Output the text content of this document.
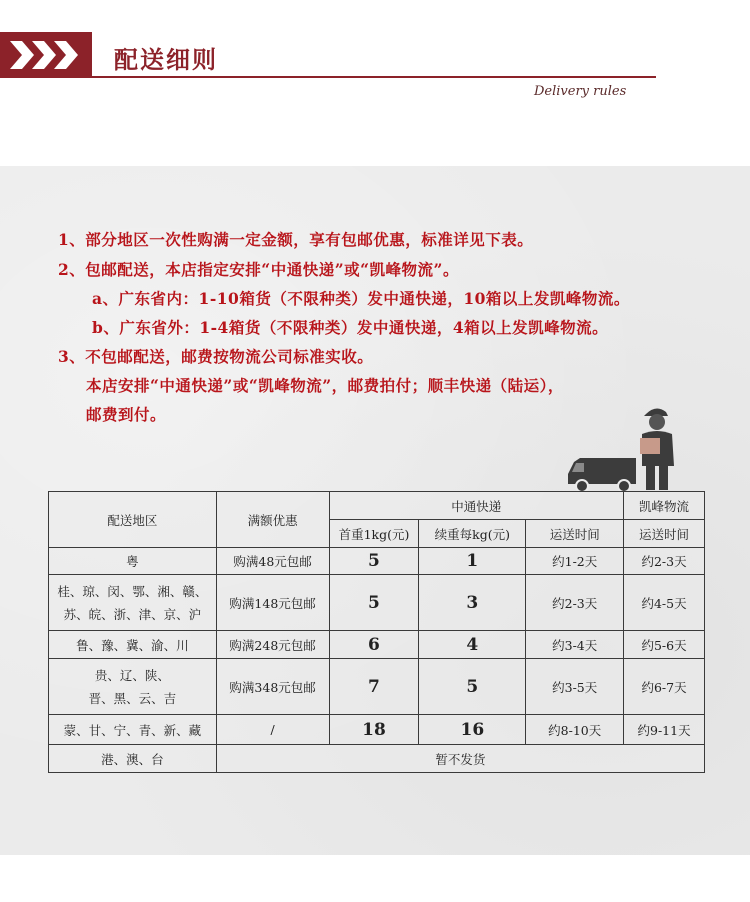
配送细则
Delivery rules
1、部分地区一次性购满一定金额，享有包邮优惠，标准详见下表。
2、包邮配送，本店指定安排“中通快递”或“凯峰物流”。
a、广东省内：1-10箱货（不限种类）发中通快递，10箱以上发凯峰物流。
b、广东省外：1-4箱货（不限种类）发中通快递，4箱以上发凯峰物流。
3、不包邮配送，邮费按物流公司标准实收。
本店安排“中通快递”或“凯峰物流”，邮费拍付；顺丰快递（陆运），
邮费到付。
配送地区	满额优惠	中通快递			凯峰物流
		首重1kg(元)	续重每kg(元)	运送时间	运送时间
粤	购满48元包邮	5	1	约1-2天	约2-3天

桂、琼、闵、鄂、湘、赣、
苏、皖、浙、津、京、沪	购满148元包邮	5	3	约2-3天	约4-5天
鲁、豫、冀、渝、川	购满248元包邮	6	4	约3-4天	约5-6天

贵、辽、陕、
晋、黑、云、吉	购满348元包邮	7	5	约3-5天	约6-7天
蒙、甘、宁、青、新、藏	/	18	16	约8-10天	约9-11天
港、澳、台	暂不发货				
